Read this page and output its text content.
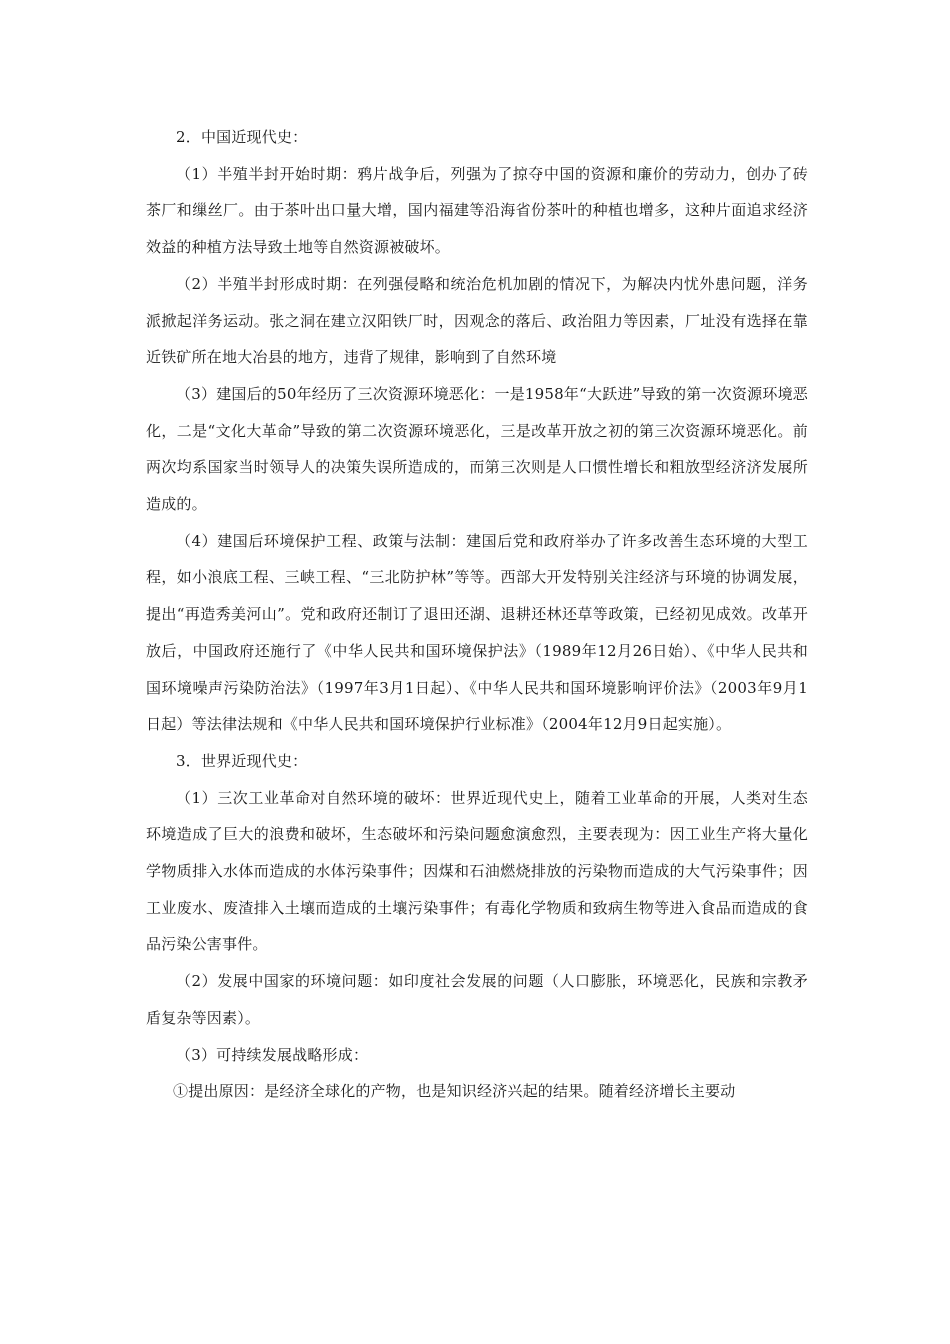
2．中国近现代史：

（1）半殖半封开始时期：鸦片战争后，列强为了掠夺中国的资源和廉价的劳动力，创办了砖茶厂和缫丝厂。由于茶叶出口量大增，国内福建等沿海省份茶叶的种植也增多，这种片面追求经济效益的种植方法导致土地等自然资源被破坏。

（2）半殖半封形成时期：在列强侵略和统治危机加剧的情况下，为解决内忧外患问题，洋务派掀起洋务运动。张之洞在建立汉阳铁厂时，因观念的落后、政治阻力等因素，厂址没有选择在靠近铁矿所在地大冶县的地方，违背了规律，影响到了自然环境

（3）建国后的50年经历了三次资源环境恶化：一是1958年“大跃进”导致的第一次资源环境恶化，二是“文化大革命”导致的第二次资源环境恶化，三是改革开放之初的第三次资源环境恶化。前两次均系国家当时领导人的决策失误所造成的，而第三次则是人口惯性增长和粗放型经济济发展所造成的。

（4）建国后环境保护工程、政策与法制：建国后党和政府举办了许多改善生态环境的大型工程，如小浪底工程、三峡工程、“三北防护林”等等。西部大开发特别关注经济与环境的协调发展，提出“再造秀美河山”。党和政府还制订了退田还湖、退耕还林还草等政策，已经初见成效。改革开放后，中国政府还施行了《中华人民共和国环境保护法》（1989年12月26日始）、《中华人民共和国环境噪声污染防治法》（1997年3月1日起）、《中华人民共和国环境影响评价法》（2003年9月1日起）等法律法规和《中华人民共和国环境保护行业标准》（2004年12月9日起实施）。

3．世界近现代史：

（1）三次工业革命对自然环境的破坏：世界近现代史上，随着工业革命的开展，人类对生态环境造成了巨大的浪费和破坏，生态破坏和污染问题愈演愈烈，主要表现为：因工业生产将大量化学物质排入水体而造成的水体污染事件；因煤和石油燃烧排放的污染物而造成的大气污染事件；因工业废水、废渣排入土壤而造成的土壤污染事件；有毒化学物质和致病生物等进入食品而造成的食品污染公害事件。

（2）发展中国家的环境问题：如印度社会发展的问题（人口膨胀，环境恶化，民族和宗教矛盾复杂等因素）。

（3）可持续发展战略形成：

①提出原因：是经济全球化的产物，也是知识经济兴起的结果。随着经济增长主要动
